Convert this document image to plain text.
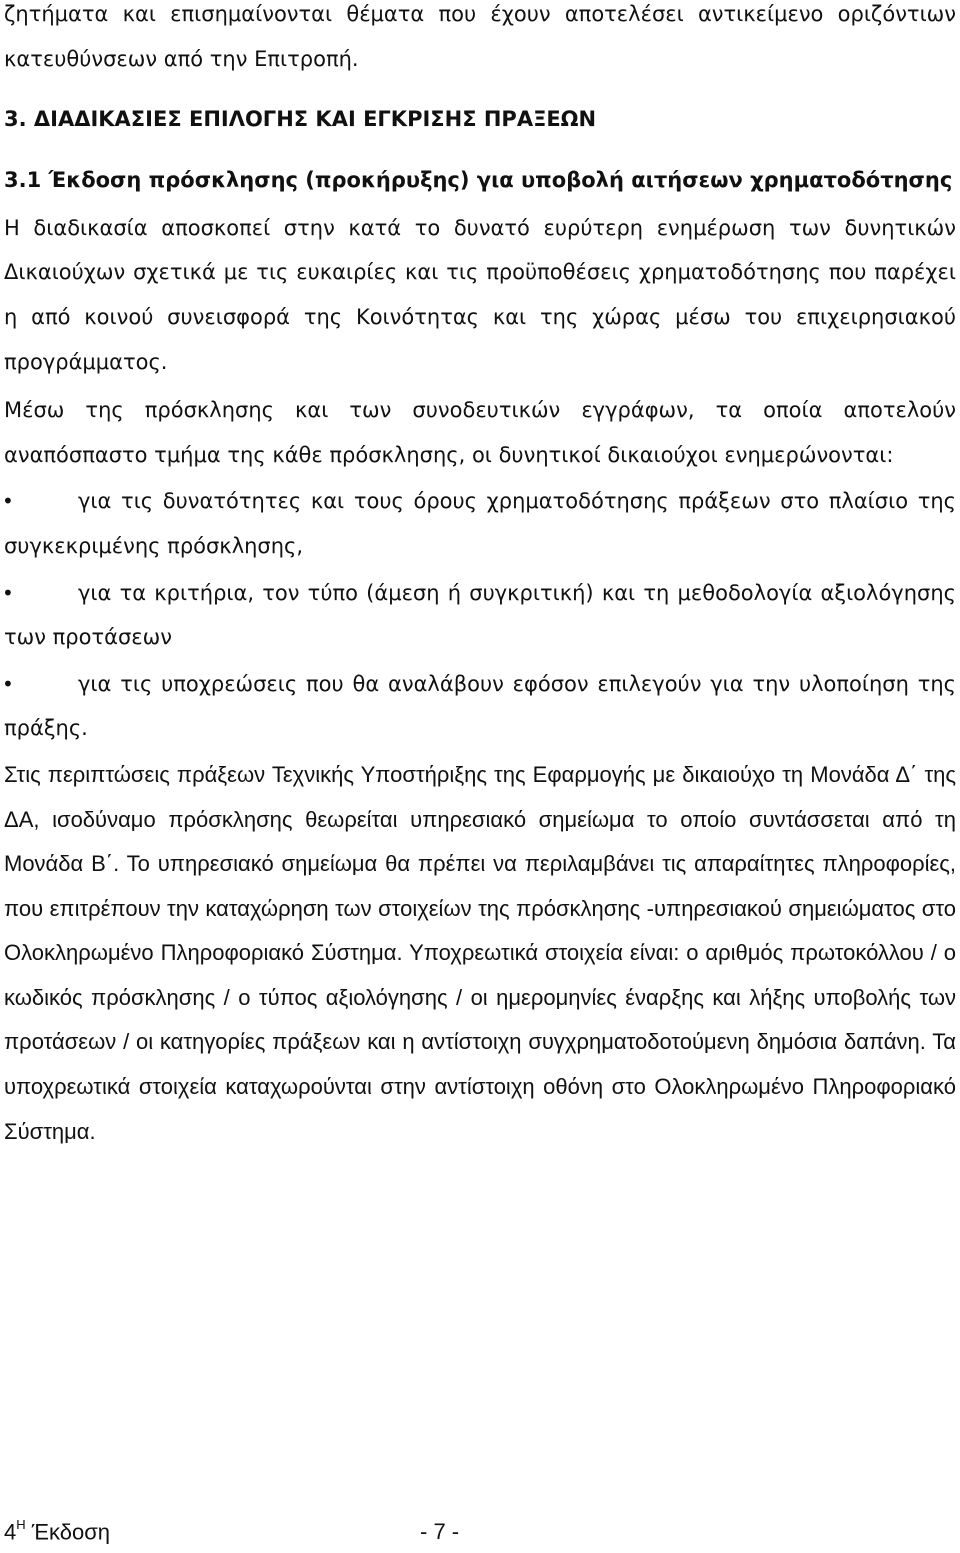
ζητήματα και επισημαίνονται θέματα που έχουν αποτελέσει αντικείμενο οριζόντιων κατευθύνσεων από την Επιτροπή.

3. ΔΙΑΔΙΚΑΣΙΕΣ ΕΠΙΛΟΓΗΣ ΚΑΙ ΕΓΚΡΙΣΗΣ ΠΡΑΞΕΩΝ

3.1 Έκδοση πρόσκλησης (προκήρυξης) για υποβολή αιτήσεων χρηματοδότησης

Η διαδικασία αποσκοπεί στην κατά το δυνατό ευρύτερη ενημέρωση των δυνητικών Δικαιούχων σχετικά με τις ευκαιρίες και τις προϋποθέσεις χρηματοδότησης που παρέχει η από κοινού συνεισφορά της Κοινότητας και της χώρας μέσω του επιχειρησιακού προγράμματος.

Μέσω της πρόσκλησης και των συνοδευτικών εγγράφων, τα οποία αποτελούν αναπόσπαστο τμήμα της κάθε πρόσκλησης, οι δυνητικοί δικαιούχοι ενημερώνονται:

•	για τις δυνατότητες και τους όρους χρηματοδότησης πράξεων στο πλαίσιο της συγκεκριμένης πρόσκλησης,
•	για τα κριτήρια, τον τύπο (άμεση ή συγκριτική) και τη μεθοδολογία αξιολόγησης των προτάσεων
•	για τις υποχρεώσεις που θα αναλάβουν εφόσον επιλεγούν για την υλοποίηση της πράξης.

Στις περιπτώσεις πράξεων Τεχνικής Υποστήριξης της Εφαρμογής με δικαιούχο τη Μονάδα Δ΄ της ΔΑ, ισοδύναμο πρόσκλησης θεωρείται υπηρεσιακό σημείωμα το οποίο συντάσσεται από τη Μονάδα Β΄. Το υπηρεσιακό σημείωμα θα πρέπει να περιλαμβάνει τις απαραίτητες πληροφορίες, που επιτρέπουν την καταχώρηση των στοιχείων της πρόσκλησης -υπηρεσιακού σημειώματος στο Ολοκληρωμένο Πληροφοριακό Σύστημα. Υποχρεωτικά στοιχεία είναι: ο αριθμός πρωτοκόλλου / ο κωδικός πρόσκλησης / ο τύπος αξιολόγησης / οι ημερομηνίες έναρξης και λήξης υποβολής των προτάσεων / οι κατηγορίες πράξεων και η αντίστοιχη συγχρηματοδοτούμενη δημόσια δαπάνη. Τα υποχρεωτικά στοιχεία καταχωρούνται στην αντίστοιχη οθόνη στο Ολοκληρωμένο Πληροφοριακό Σύστημα.

$4^H$ Έκδοση	- 7 -
